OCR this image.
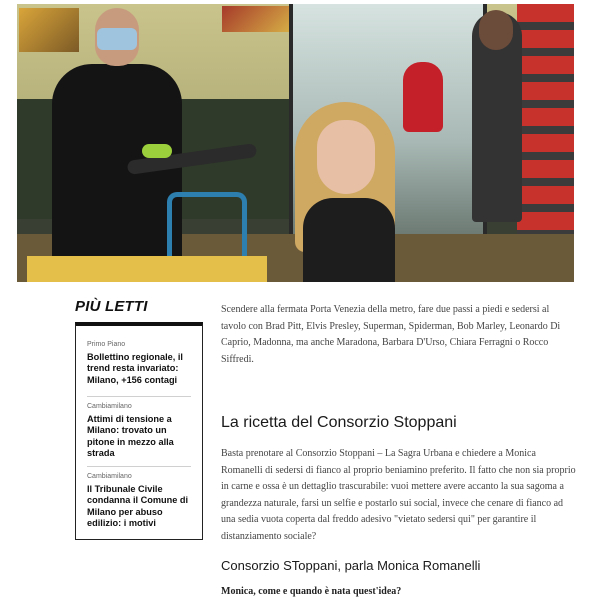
PIÙ LETTI
Primo Piano
Bollettino regionale, il trend resta invariato: Milano, +156 contagi
Cambiamilano
Attimi di tensione a Milano: trovato un pitone in mezzo alla strada
Cambiamilano
Il Tribunale Civile condanna il Comune di Milano per abuso edilizio: i motivi

Scendere alla fermata Porta Venezia della metro, fare due passi a piedi e sedersi al tavolo con Brad Pitt, Elvis Presley, Superman, Spiderman, Bob Marley, Leonardo Di Caprio, Madonna, ma anche Maradona, Barbara D'Urso, Chiara Ferragni o Rocco Siffredi.

La ricetta del Consorzio Stoppani

Basta prenotare al Consorzio Stoppani – La Sagra Urbana e chiedere a Monica Romanelli di sedersi di fianco al proprio beniamino preferito. Il fatto che non sia proprio in carne e ossa è un dettaglio trascurabile: vuoi mettere avere accanto la sua sagoma a grandezza naturale, farsi un selfie e postarlo sui social, invece che cenare di fianco ad una sedia vuota coperta dal freddo adesivo "vietato sedersi qui" per garantire il distanziamento sociale?

Consorzio SToppani, parla Monica Romanelli

Monica, come e quando è nata quest'idea?
